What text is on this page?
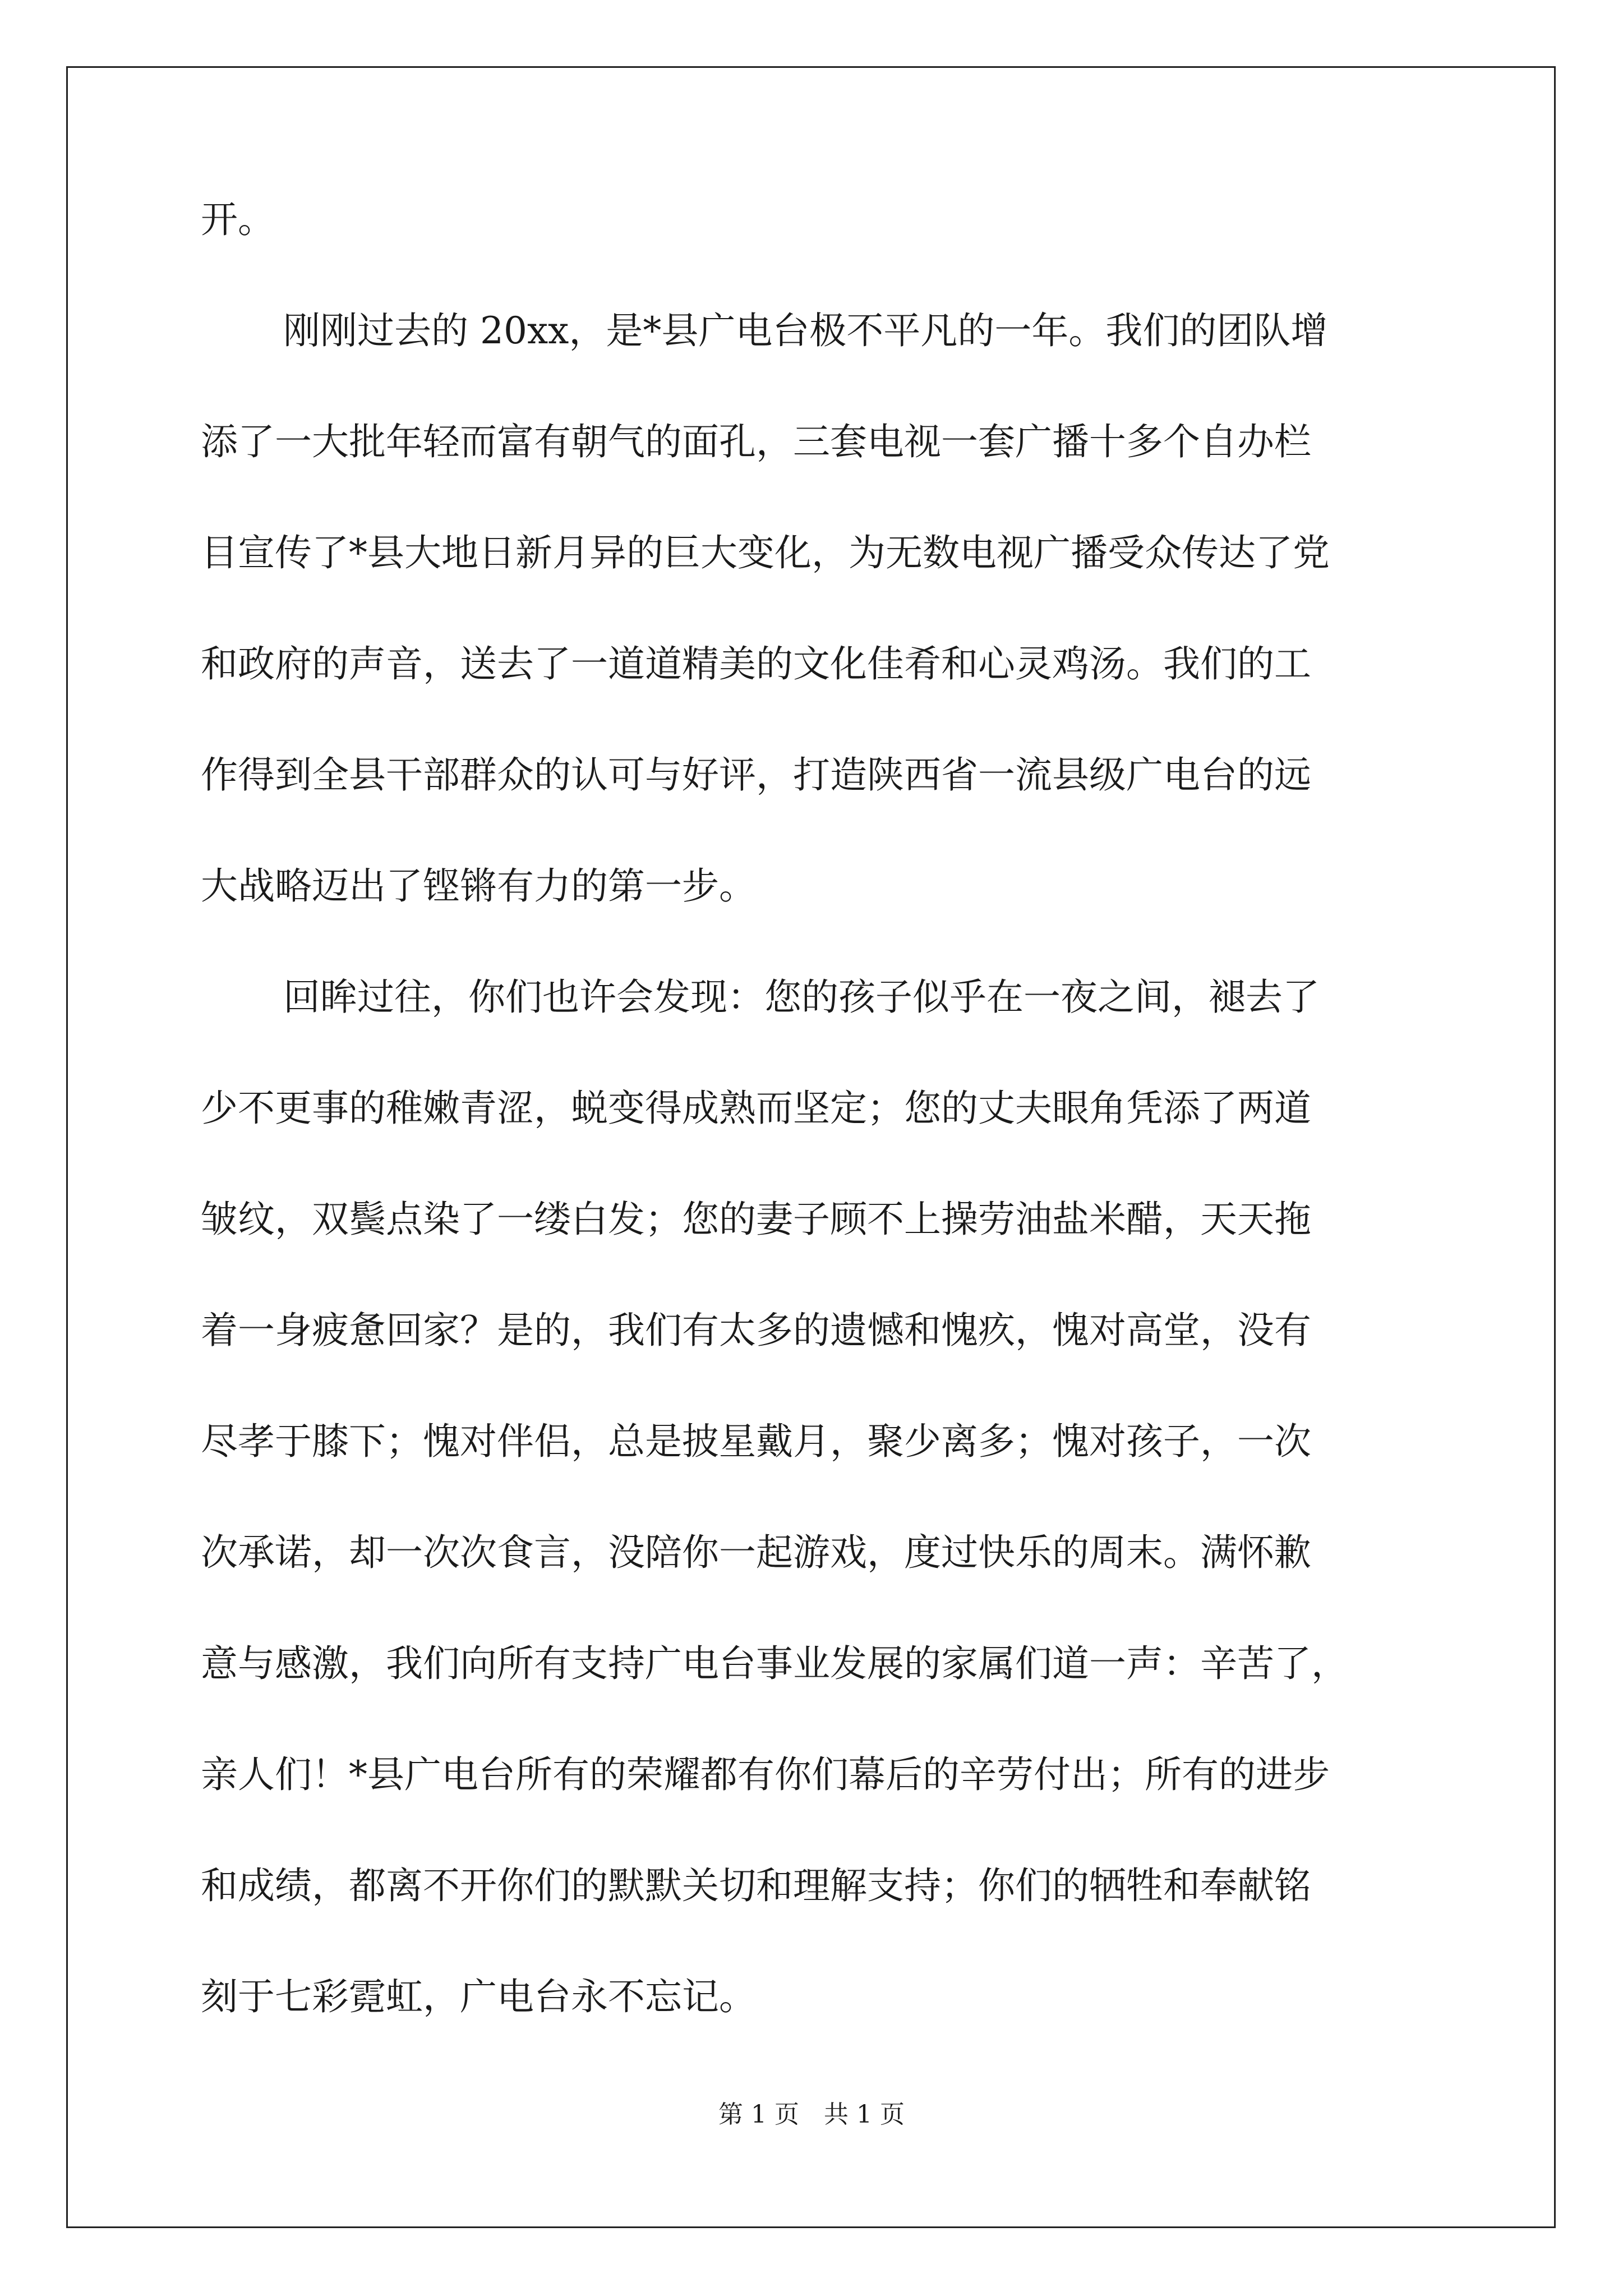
开。
刚刚过去的 20xx，是*县广电台极不平凡的一年。我们的团队增
添了一大批年轻而富有朝气的面孔，三套电视一套广播十多个自办栏
目宣传了*县大地日新月异的巨大变化，为无数电视广播受众传达了党
和政府的声音，送去了一道道精美的文化佳肴和心灵鸡汤。我们的工
作得到全县干部群众的认可与好评，打造陕西省一流县级广电台的远
大战略迈出了铿锵有力的第一步。
回眸过往，你们也许会发现：您的孩子似乎在一夜之间，褪去了
少不更事的稚嫩青涩，蜕变得成熟而坚定；您的丈夫眼角凭添了两道
皱纹，双鬓点染了一缕白发；您的妻子顾不上操劳油盐米醋，天天拖
着一身疲惫回家？是的，我们有太多的遗憾和愧疚，愧对高堂，没有
尽孝于膝下；愧对伴侣，总是披星戴月，聚少离多；愧对孩子，一次
次承诺，却一次次食言，没陪你一起游戏，度过快乐的周末。满怀歉
意与感激，我们向所有支持广电台事业发展的家属们道一声：辛苦了，
亲人们！*县广电台所有的荣耀都有你们幕后的辛劳付出；所有的进步
和成绩，都离不开你们的默默关切和理解支持；你们的牺牲和奉献铭
刻于七彩霓虹，广电台永不忘记。
第 1 页　共 1 页
